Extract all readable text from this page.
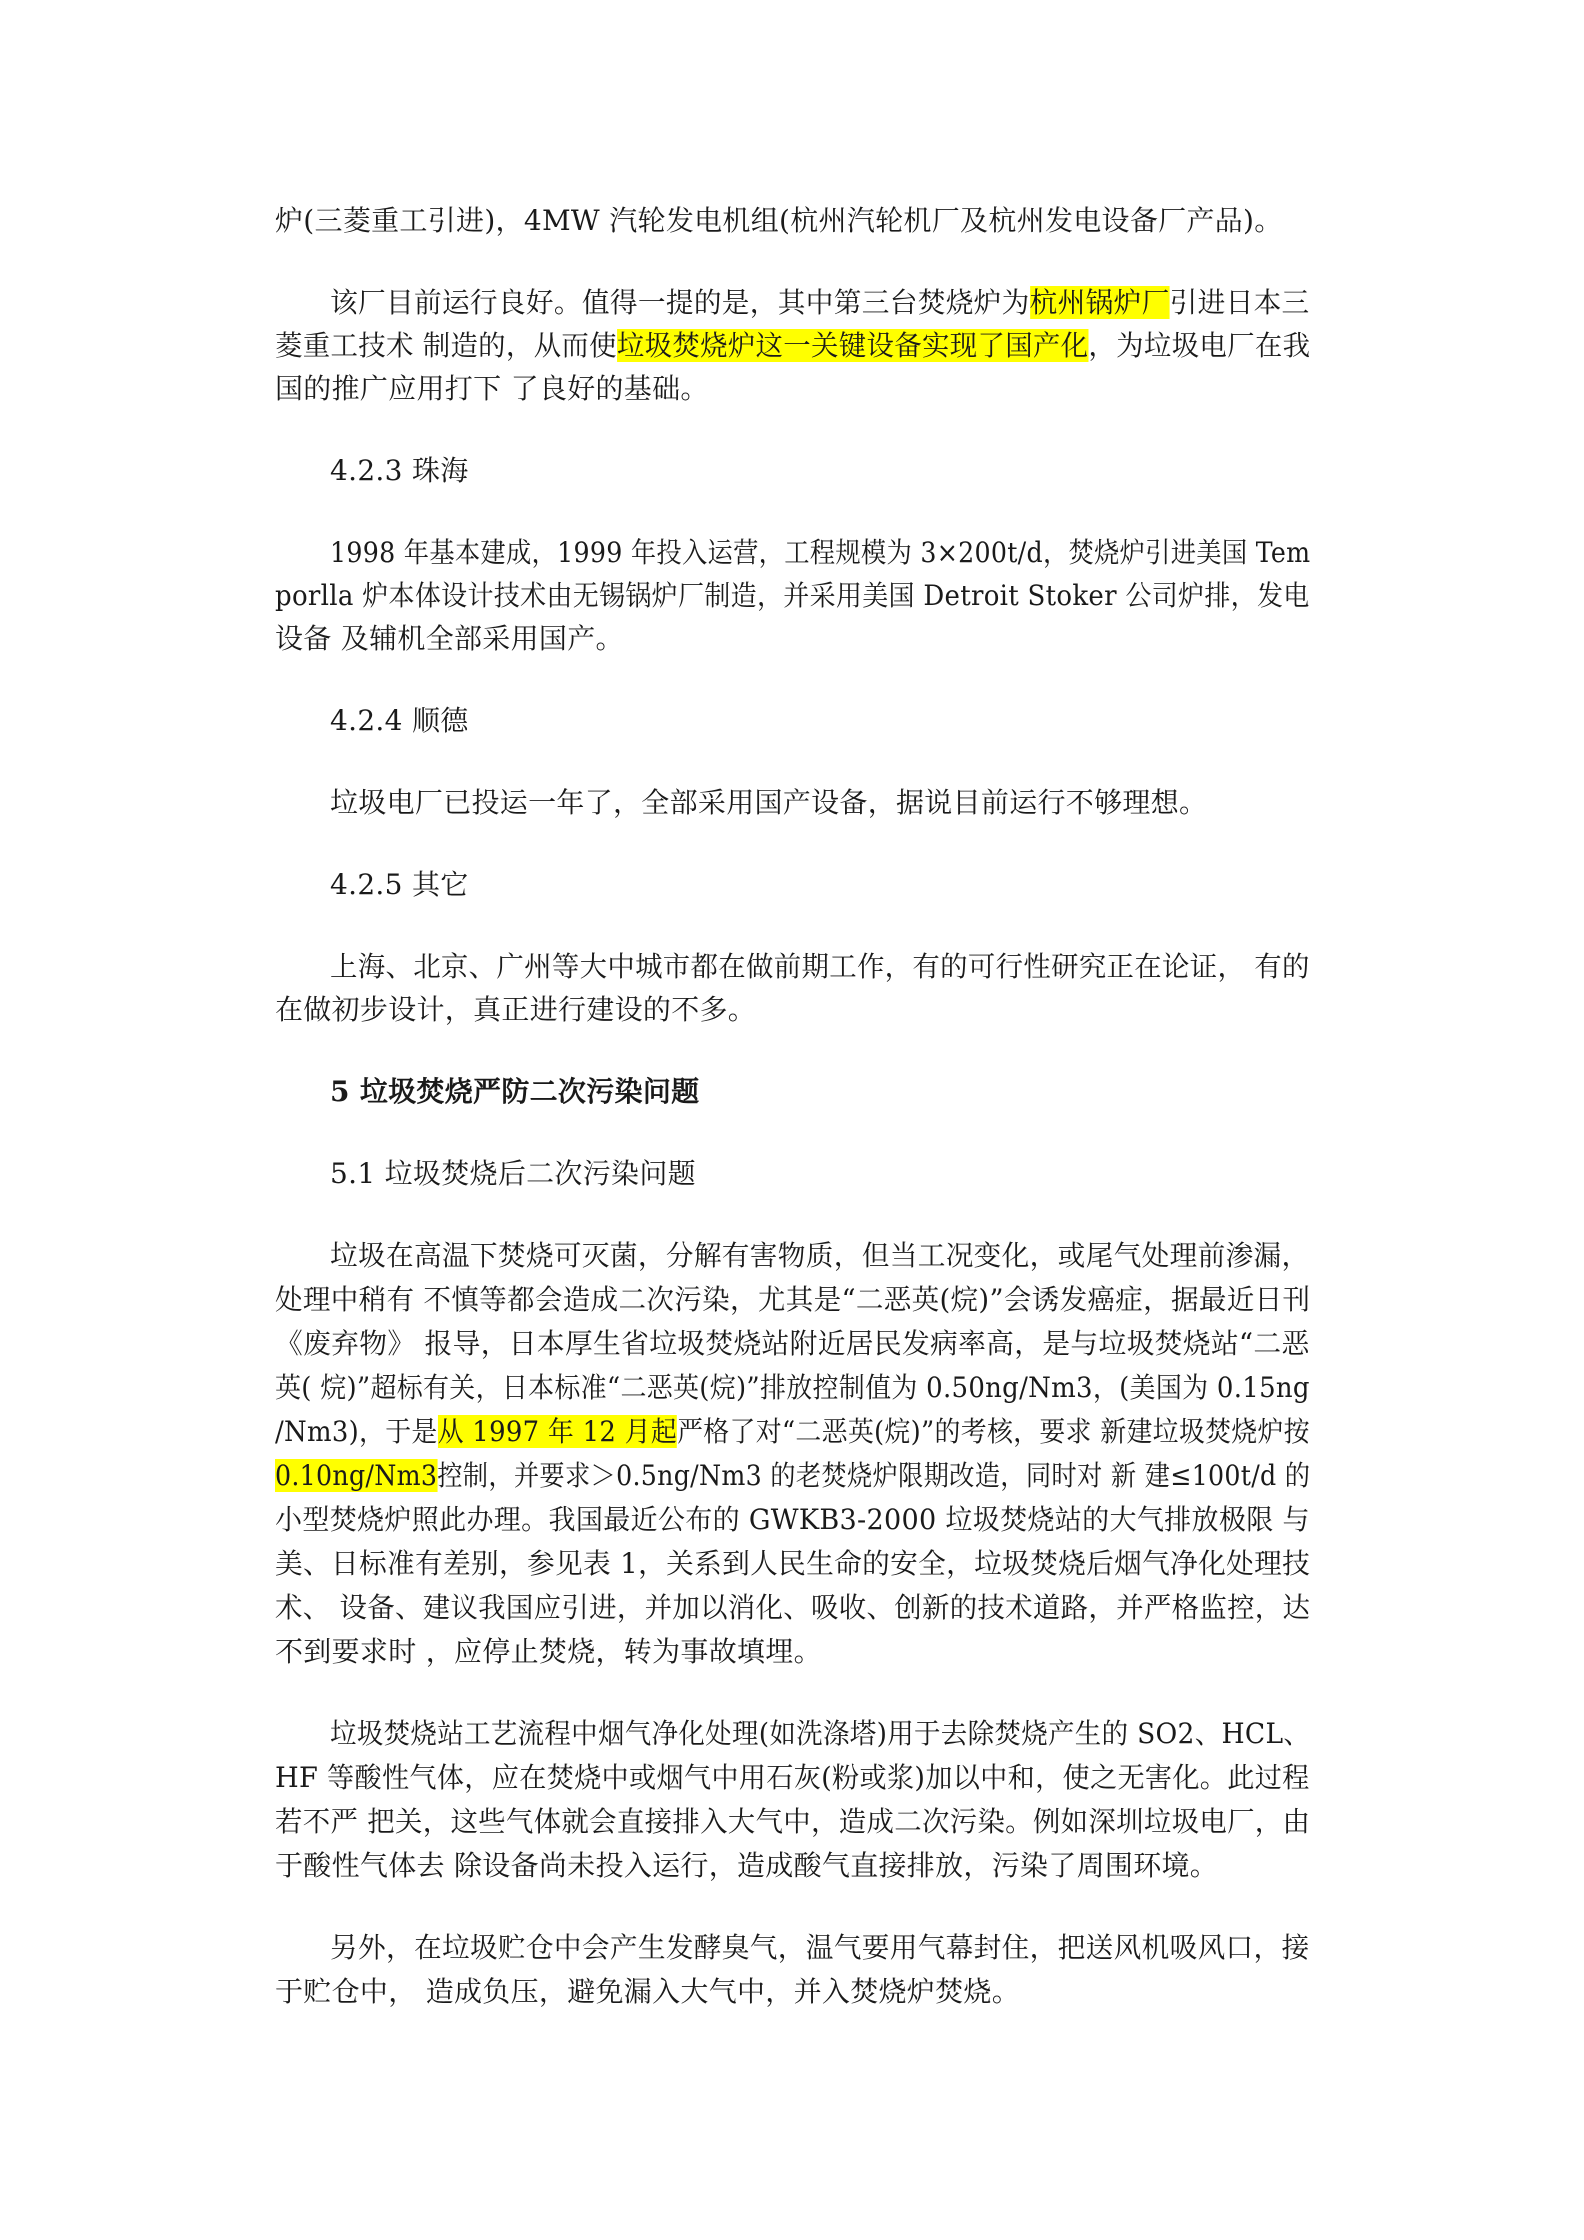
炉(三菱重工引进)，4MW 汽轮发电机组(杭州汽轮机厂及杭州发电设备厂产品)。
该厂目前运行良好。值得一提的是，其中第三台焚烧炉为杭州锅炉厂引进日本三
菱重工技术 制造的，从而使垃圾焚烧炉这一关键设备实现了国产化，为垃圾电厂在我
国的推广应用打下 了良好的基础。
4.2.3 珠海
1998 年基本建成，1999 年投入运营，工程规模为 3×200t/d，焚烧炉引进美国 Tem
porlla 炉本体设计技术由无锡锅炉厂制造，并采用美国 Detroit Stoker 公司炉排，发电
设备 及辅机全部采用国产。
4.2.4 顺德
垃圾电厂已投运一年了，全部采用国产设备，据说目前运行不够理想。
4.2.5 其它
上海、北京、广州等大中城市都在做前期工作，有的可行性研究正在论证， 有的
在做初步设计，真正进行建设的不多。
5 垃圾焚烧严防二次污染问题
5.1 垃圾焚烧后二次污染问题
垃圾在高温下焚烧可灭菌，分解有害物质，但当工况变化，或尾气处理前渗漏，
处理中稍有 不慎等都会造成二次污染，尤其是“二恶英(烷)”会诱发癌症，据最近日刊
《废弃物》 报导，日本厚生省垃圾焚烧站附近居民发病率高，是与垃圾焚烧站“二恶
英( 烷)”超标有关，日本标准“二恶英(烷)”排放控制值为 0.50ng/Nm3，(美国为 0.15ng
/Nm3)，于是从 1997 年 12 月起严格了对“二恶英(烷)”的考核，要求 新建垃圾焚烧炉按
0.10ng/Nm3控制，并要求＞0.5ng/Nm3 的老焚烧炉限期改造，同时对 新 建≤100t/d 的
小型焚烧炉照此办理。我国最近公布的 GWKB3-2000 垃圾焚烧站的大气排放极限 与
美、日标准有差别，参见表 1，关系到人民生命的安全，垃圾焚烧后烟气净化处理技
术、 设备、建议我国应引进，并加以消化、吸收、创新的技术道路，并严格监控，达
不到要求时 ，应停止焚烧，转为事故填埋。
垃圾焚烧站工艺流程中烟气净化处理(如洗涤塔)用于去除焚烧产生的 SO2、HCL、
HF 等酸性气体，应在焚烧中或烟气中用石灰(粉或浆)加以中和，使之无害化。此过程
若不严 把关，这些气体就会直接排入大气中，造成二次污染。例如深圳垃圾电厂，由
于酸性气体去 除设备尚未投入运行，造成酸气直接排放，污染了周围环境。
另外，在垃圾贮仓中会产生发酵臭气，温气要用气幕封住，把送风机吸风口，接
于贮仓中， 造成负压，避免漏入大气中，并入焚烧炉焚烧。
